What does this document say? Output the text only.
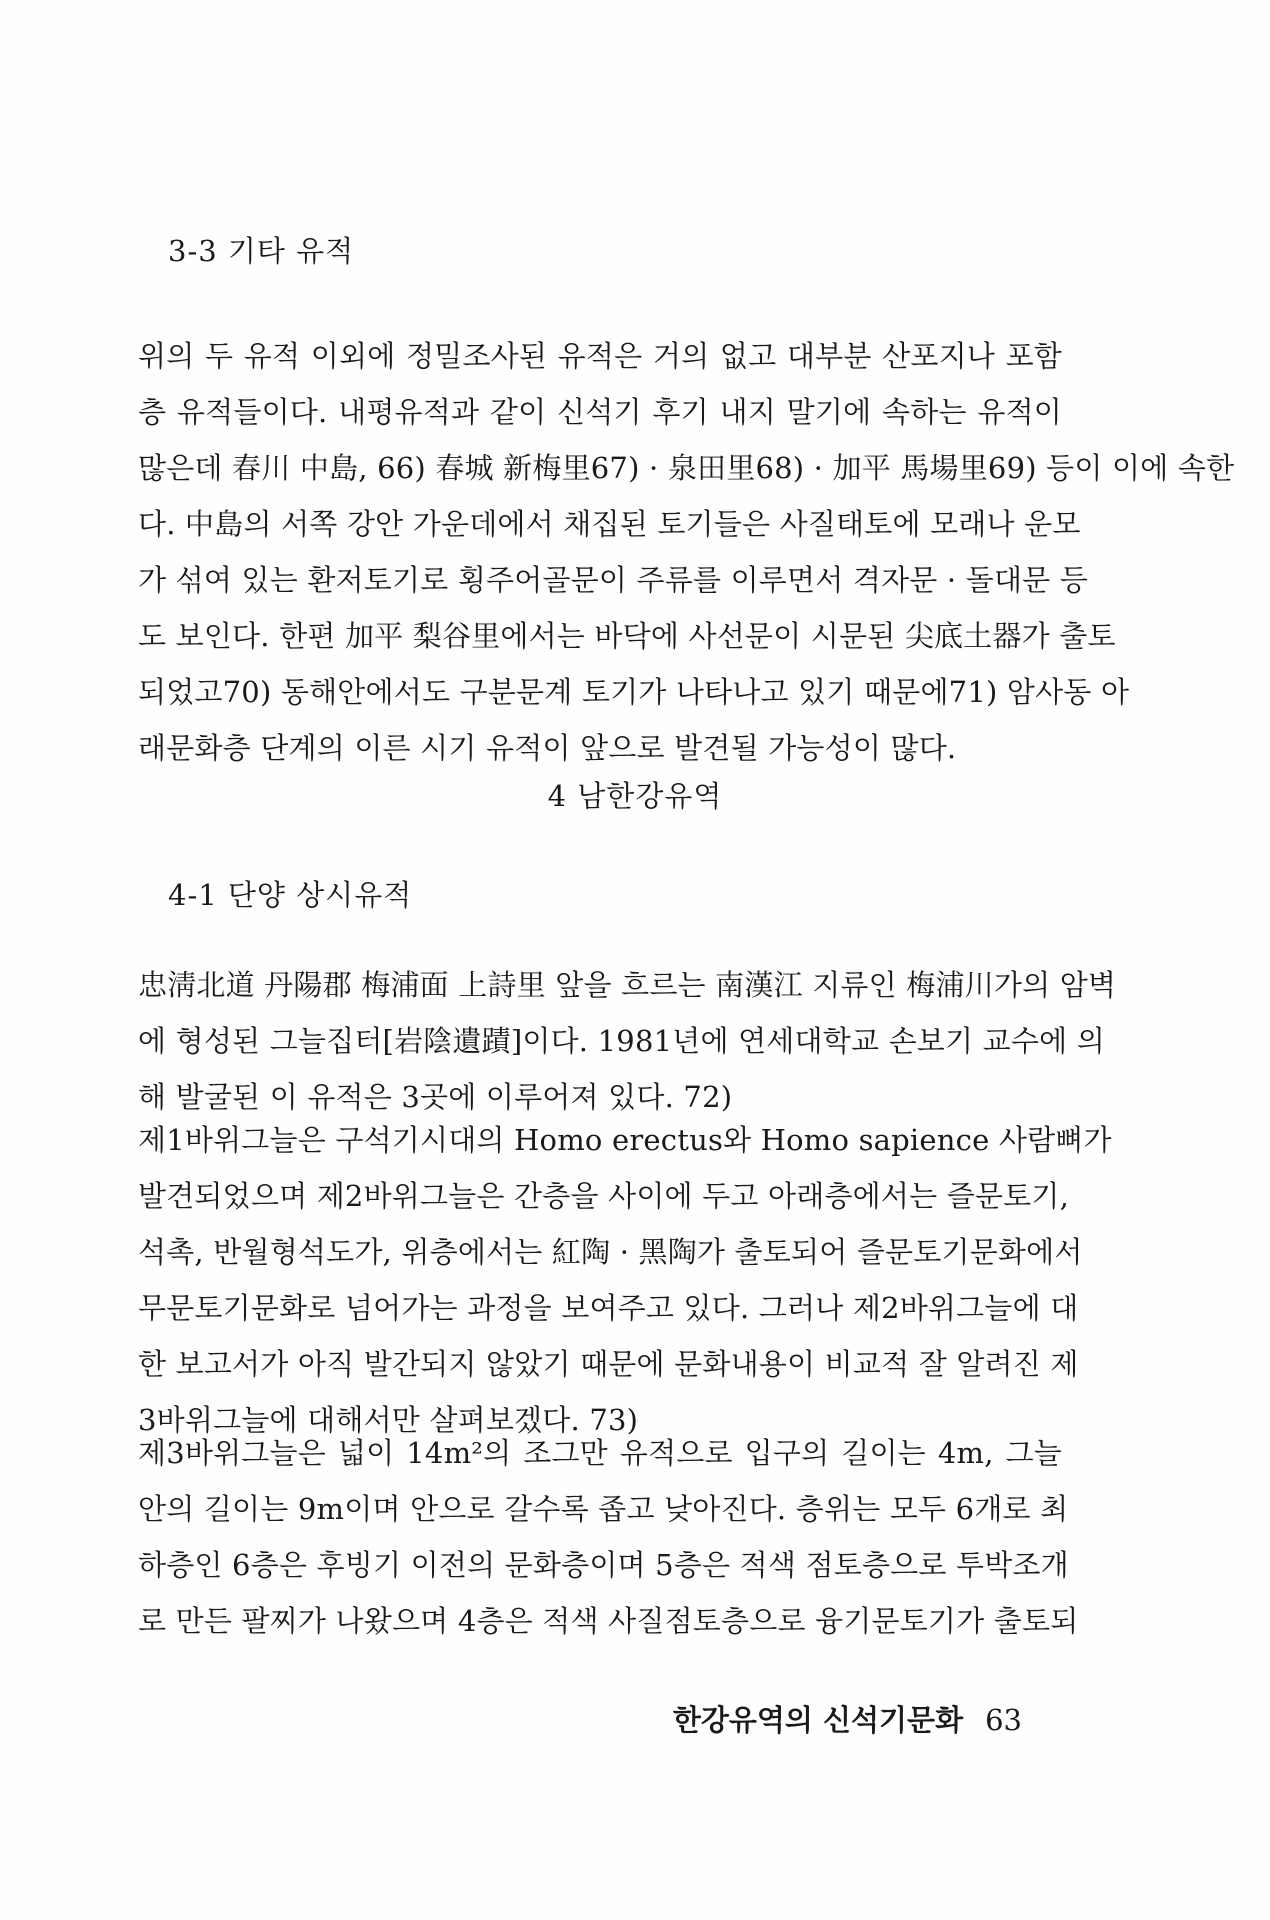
3-3 기타 유적
위의 두 유적 이외에 정밀조사된 유적은 거의 없고 대부분 산포지나 포함
층 유적들이다. 내평유적과 같이 신석기 후기 내지 말기에 속하는 유적이
많은데 春川 中島, 66) 春城 新梅里67) · 泉田里68) · 加平 馬場里69) 등이 이에 속한
다. 中島의 서쪽 강안 가운데에서 채집된 토기들은 사질태토에 모래나 운모
가 섞여 있는 환저토기로 횡주어골문이 주류를 이루면서 격자문 · 돌대문 등
도 보인다. 한편 加平 梨谷里에서는 바닥에 사선문이 시문된 尖底土器가 출토
되었고70) 동해안에서도 구분문계 토기가 나타나고 있기 때문에71) 암사동 아
래문화층 단계의 이른 시기 유적이 앞으로 발견될 가능성이 많다.
4 남한강유역
4-1 단양 상시유적
忠淸北道 丹陽郡 梅浦面 上詩里 앞을 흐르는 南漢江 지류인 梅浦川가의 암벽
에 형성된 그늘집터[岩陰遺蹟]이다. 1981년에 연세대학교 손보기 교수에 의
해 발굴된 이 유적은 3곳에 이루어져 있다. 72)
제1바위그늘은 구석기시대의 Homo erectus와 Homo sapience 사람뼈가
발견되었으며 제2바위그늘은 간층을 사이에 두고 아래층에서는 즐문토기,
석촉, 반월형석도가, 위층에서는 紅陶 · 黑陶가 출토되어 즐문토기문화에서
무문토기문화로 넘어가는 과정을 보여주고 있다. 그러나 제2바위그늘에 대
한 보고서가 아직 발간되지 않았기 때문에 문화내용이 비교적 잘 알려진 제
3바위그늘에 대해서만 살펴보겠다. 73)
제3바위그늘은 넓이 14m²의 조그만 유적으로 입구의 길이는 4m, 그늘
안의 길이는 9m이며 안으로 갈수록 좁고 낮아진다. 층위는 모두 6개로 최
하층인 6층은 후빙기 이전의 문화층이며 5층은 적색 점토층으로 투박조개
로 만든 팔찌가 나왔으며 4층은 적색 사질점토층으로 융기문토기가 출토되

한강유역의 신석기문화 63
